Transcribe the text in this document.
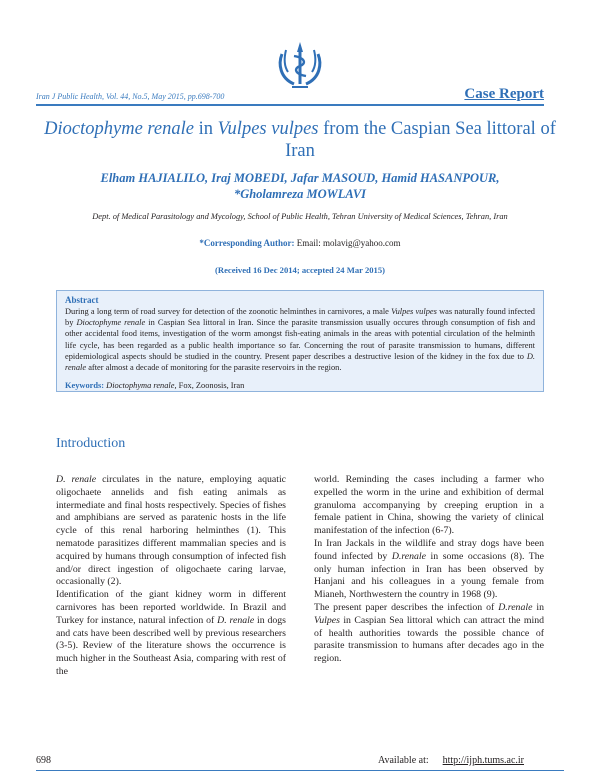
Iran J Public Health, Vol. 44, No.5, May 2015, pp.698-700	Case Report
Dioctophyme renale in Vulpes vulpes from the Caspian Sea littoral of Iran
Elham HAJIALILO, Iraj MOBEDI, Jafar MASOUD, Hamid HASANPOUR,
*Gholamreza MOWLAVI
Dept. of Medical Parasitology and Mycology, School of Public Health, Tehran University of Medical Sciences, Tehran, Iran
*Corresponding Author: Email: molavig@yahoo.com
(Received 16 Dec 2014; accepted 24 Mar 2015)
Abstract
During a long term of road survey for detection of the zoonotic helminthes in carnivores, a male Vulpes vulpes was naturally found infected by Dioctophyme renale in Caspian Sea littoral in Iran. Since the parasite transmission usually occures through consumption of fish and other accidental food items, investigation of the worm amongst fish-eating animals in the areas with potential circulation of the helminth life cycle, has been regarded as a public health importance so far. Concerning the rout of parasite transmission to humans, different epidemiological aspects should be studied in the country. Present paper describes a destructive lesion of the kidney in the fox due to D. renale after almost a decade of monitoring for the parasite reservoirs in the region.
Keywords: Dioctophyma renale, Fox, Zoonosis, Iran
Introduction

D. renale circulates in the nature, employing aquatic oligochaete annelids and fish eating animals as intermediate and final hosts respectively. Species of fishes and amphibians are served as paratenic hosts in the life cycle of this renal harboring helminthes (1). This nematode parasitizes different mammalian species and is acquired by humans through consumption of infected fish and/or direct ingestion of oligochaete caring larvae, occasionally (2).

Identification of the giant kidney worm in different carnivores has been reported worldwide. In Brazil and Turkey for instance, natural infection of D. renale in dogs and cats have been described well by previous researchers (3-5). Review of the literature shows the occurrence is much higher in the Southeast Asia, comparing with rest of the

world. Reminding the cases including a farmer who expelled the worm in the urine and exhibition of dermal granuloma accompanying by creeping eruption in a female patient in China, showing the variety of clinical manifestation of the infection (6-7).

In Iran Jackals in the wildlife and stray dogs have been found infected by D.renale in some occasions (8). The only human infection in Iran has been observed by Hanjani and his colleagues in a young female from Mianeh, Northwestern the country in 1968 (9).

The present paper describes the infection of D.renale in Vulpes in Caspian Sea littoral which can attract the mind of health authorities towards the possible chance of parasite transmission to humans after decades ago in the region.

698	Available at: http://ijph.tums.ac.ir
